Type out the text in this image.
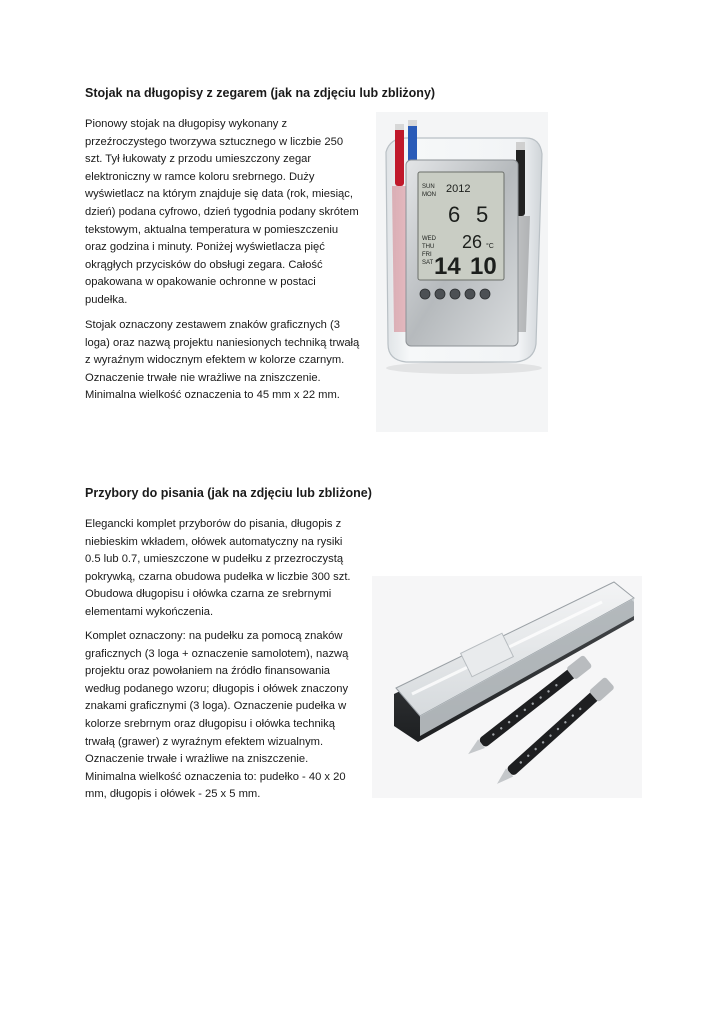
Stojak na długopisy z zegarem (jak na zdjęciu lub zbliżony)

Pionowy stojak na długopisy wykonany z przeźroczystego tworzywa sztucznego w liczbie 250 szt. Tył łukowaty z przodu umieszczony zegar elektroniczny w ramce koloru srebrnego. Duży wyświetlacz na którym znajduje się data (rok, miesiąc, dzień) podana cyfrowo, dzień tygodnia podany skrótem tekstowym, aktualna temperatura w pomieszczeniu oraz godzina i minuty. Poniżej wyświetlacza pięć okrągłych przycisków do obsługi zegara. Całość opakowana w opakowanie ochronne w postaci pudełka.

Stojak oznaczony zestawem znaków graficznych (3 loga) oraz nazwą projektu naniesionych techniką trwałą z wyraźnym widocznym efektem w kolorze czarnym. Oznaczenie trwałe nie wrażliwe na zniszczenie. Minimalna wielkość oznaczenia to 45 mm x 22 mm.

SUN
MON
WED
THU
FRI
SAT
2012
6 5
26 °C
14 10
Przybory do pisania (jak na zdjęciu lub zbliżone)

Elegancki komplet przyborów do pisania, długopis z niebieskim wkładem, ołówek automatyczny na rysiki 0.5 lub 0.7, umieszczone w pudełku z przezroczystą pokrywką, czarna obudowa pudełka w liczbie 300 szt. Obudowa długopisu i ołówka czarna ze srebrnymi elementami wykończenia.

Komplet oznaczony: na pudełku za pomocą znaków graficznych (3 loga + oznaczenie samolotem), nazwą projektu oraz powołaniem na źródło finansowania według podanego wzoru; długopis i ołówek znaczony znakami graficznymi (3 loga). Oznaczenie pudełka w kolorze srebrnym oraz długopisu i ołówka techniką trwałą (grawer) z wyraźnym efektem wizualnym. Oznaczenie trwałe i wrażliwe na zniszczenie. Minimalna wielkość oznaczenia to: pudełko - 40 x 20 mm, długopis i ołówek - 25 x 5 mm.
